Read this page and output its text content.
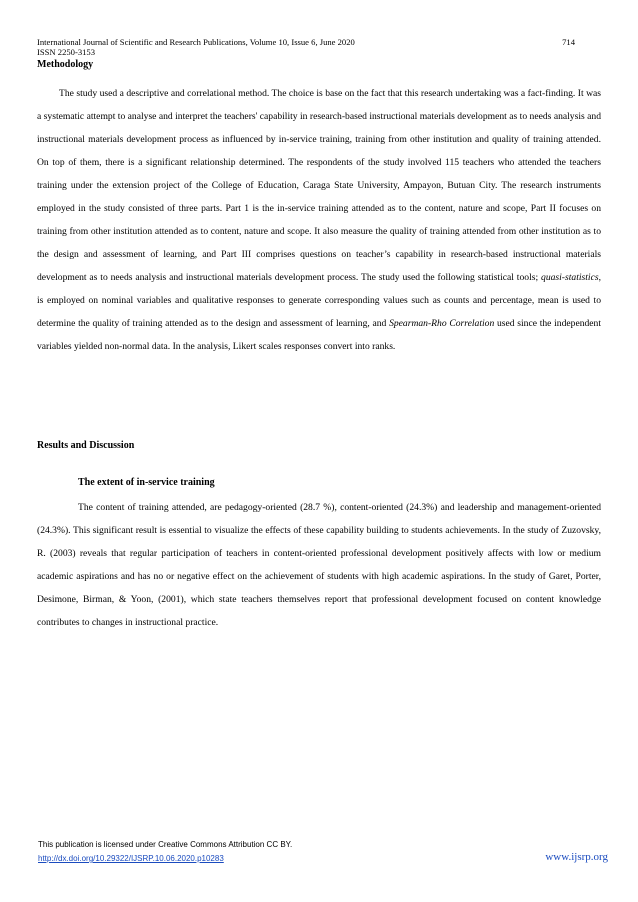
International Journal of Scientific and Research Publications, Volume 10, Issue 6, June 2020
ISSN 2250-3153
714
Methodology

The study used a descriptive and correlational method. The choice is base on the fact that this research undertaking was a fact-finding. It was a systematic attempt to analyse and interpret the teachers' capability in research-based instructional materials development as to needs analysis and instructional materials development process as influenced by in-service training, training from other institution and quality of training attended. On top of them, there is a significant relationship determined. The respondents of the study involved 115 teachers who attended the teachers training under the extension project of the College of Education, Caraga State University, Ampayon, Butuan City. The research instruments employed in the study consisted of three parts. Part 1 is the in-service training attended as to the content, nature and scope, Part II focuses on training from other institution attended as to content, nature and scope. It also measure the quality of training attended from other institution as to the design and assessment of learning, and Part III comprises questions on teacher’s capability in research-based instructional materials development as to needs analysis and instructional materials development process. The study used the following statistical tools; quasi-statistics, is employed on nominal variables and qualitative responses to generate corresponding values such as counts and percentage, mean is used to determine the quality of training attended as to the design and assessment of learning, and Spearman-Rho Correlation used since the independent variables yielded non-normal data. In the analysis, Likert scales responses convert into ranks.

Results and Discussion
The extent of in-service training

The content of training attended, are pedagogy-oriented (28.7 %), content-oriented (24.3%) and leadership and management-oriented (24.3%). This significant result is essential to visualize the effects of these capability building to students achievements. In the study of Zuzovsky, R. (2003) reveals that regular participation of teachers in content-oriented professional development positively affects with low or medium academic aspirations and has no or negative effect on the achievement of students with high academic aspirations. In the study of Garet, Porter, Desimone, Birman, & Yoon, (2001), which state teachers themselves report that professional development focused on content knowledge contributes to changes in instructional practice.

This publication is licensed under Creative Commons Attribution CC BY.
http://dx.doi.org/10.29322/IJSRP.10.06.2020.p10283	www.ijsrp.org
